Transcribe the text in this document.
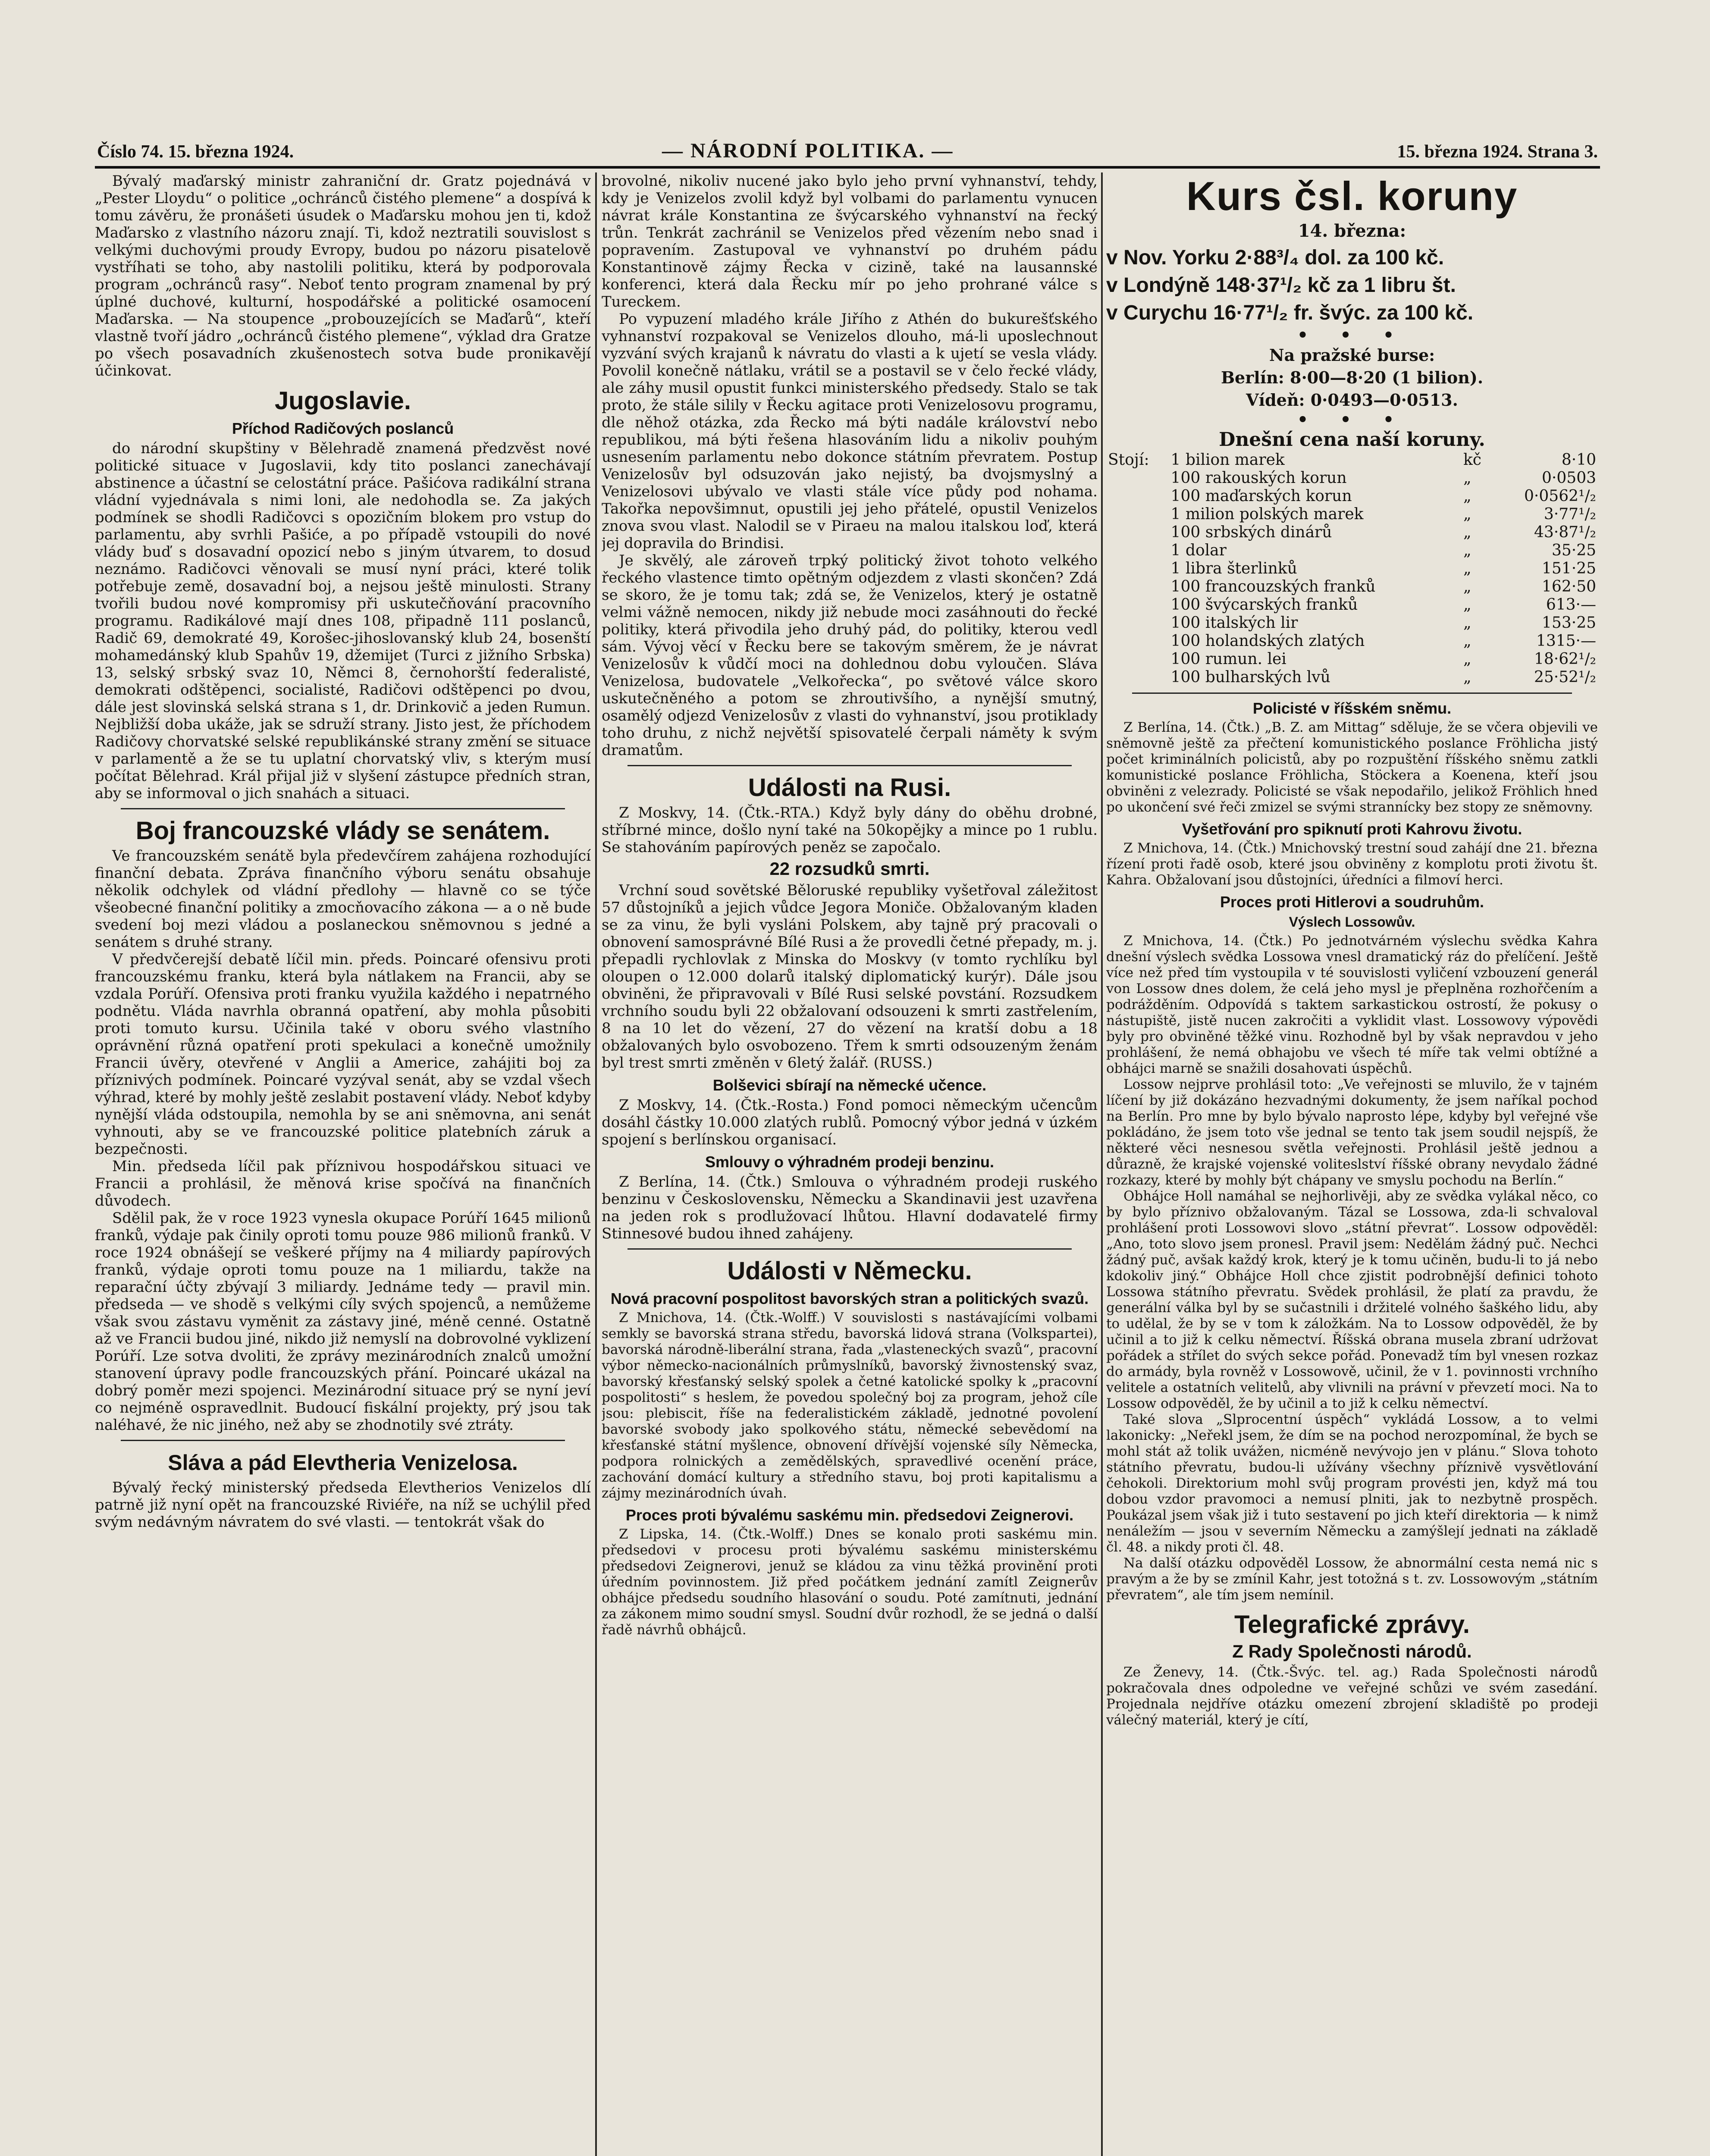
Číslo 74. 15. března 1924.	— NÁRODNÍ POLITIKA. —	15. března 1924. Strana 3.

Bývalý maďarský ministr zahraniční dr. Gratz pojednává v „Pester Lloydu“ o politice „ochránců čistého plemene“ a dospívá k tomu závěru, že pronášeti úsudek o Maďarsku mohou jen ti, kdož Maďarsko z vlastního názoru znají. Ti, kdož neztratili souvislost s velkými duchovými proudy Evropy, budou po názoru pisatelově vystříhati se toho, aby nastolili politiku, která by podporovala program „ochránců rasy“. Neboť tento program znamenal by prý úplné duchové, kulturní, hospodářské a politické osamocení Maďarska. — Na stoupence „probouzejících se Maďarů“, kteří vlastně tvoří jádro „ochránců čistého plemene“, výklad dra Gratze po všech posavadních zkušenostech sotva bude pronikavějí účinkovat.

Jugoslavie.
Příchod Radičových poslanců

do národní skupštiny v Bělehradě znamená předzvěst nové politické situace v Jugoslavii, kdy tito poslanci zanechávají abstinence a účastní se celostátní práce. Pašićova radikální strana vládní vyjednávala s nimi loni, ale nedohodla se. Za jakých podmínek se shodli Radičovci s opozičním blokem pro vstup do parlamentu, aby svrhli Pašiće, a po případě vstoupili do nové vlády buď s dosavadní opozicí nebo s jiným útvarem, to dosud neznámo. Radičovci věnovali se musí nyní práci, které tolik potřebuje země, dosavadní boj, a nejsou ještě minulosti. Strany tvořili budou nové kompromisy při uskutečňování pracovního programu. Radikálové mají dnes 108, připadně 111 poslanců, Radič 69, demokraté 49, Korošec-jihoslovanský klub 24, bosenští mohamedánský klub Spahův 19, džemijet (Turci z jižního Srbska) 13, selský srbský svaz 10, Němci 8, černohorští federalisté, demokrati odštěpenci, socialisté, Radičovi odštěpenci po dvou, dále jest slovinská selská strana s 1, dr. Drinkovič a jeden Rumun. Nejbližší doba ukáže, jak se sdruží strany. Jisto jest, že příchodem Radičovy chorvatské selské republikánské strany změní se situace v parlamentě a že se tu uplatní chorvatský vliv, s kterým musí počítat Bělehrad. Král přijal již v slyšení zástupce předních stran, aby se informoval o jich snahách a situaci.

Boj francouzské vlády se senátem.

Ve francouzském senátě byla předevčírem zahájena rozhodující finanční debata. Zpráva finančního výboru senátu obsahuje několik odchylek od vládní předlohy — hlavně co se týče všeobecné finanční politiky a zmocňovacího zákona — a o ně bude svedení boj mezi vládou a poslaneckou sněmovnou s jedné a senátem s druhé strany.

V předvčerejší debatě líčil min. předs. Poincaré ofensivu proti francouzskému franku, která byla nátlakem na Francii, aby se vzdala Porúří. Ofensiva proti franku využila každého i nepatrného podnětu. Vláda navrhla obranná opatření, aby mohla působiti proti tomuto kursu. Učinila také v oboru svého vlastního oprávnění různá opatření proti spekulaci a konečně umožnily Francii úvěry, otevřené v Anglii a Americe, zahájiti boj za příznivých podmínek. Poincaré vyzýval senát, aby se vzdal všech výhrad, které by mohly ještě zeslabit postavení vlády. Neboť kdyby nynější vláda odstoupila, nemohla by se ani sněmovna, ani senát vyhnouti, aby se ve francouzské politice platebních záruk a bezpečnosti.

Min. předseda líčil pak příznivou hospodářskou situaci ve Francii a prohlásil, že měnová krise spočívá na finančních důvodech.

Sdělil pak, že v roce 1923 vynesla okupace Porúří 1645 milionů franků, výdaje pak činily oproti tomu pouze 986 milionů franků. V roce 1924 obnášejí se veškeré příjmy na 4 miliardy papírových franků, výdaje oproti tomu pouze na 1 miliardu, takže na reparační účty zbývají 3 miliardy. Jednáme tedy — pravil min. předseda — ve shodě s velkými cíly svých spojenců, a nemůžeme však svou zástavu vyměnit za zástavy jiné, méně cenné. Ostatně až ve Francii budou jiné, nikdo již nemyslí na dobrovolné vyklizení Porúří. Lze sotva dvoliti, že zprávy mezinárodních znalců umožní stanovení úpravy podle francouzských přání. Poincaré ukázal na dobrý poměr mezi spojenci. Mezinárodní situace prý se nyní jeví co nejméně ospravedlnit. Budoucí fiskální projekty, prý jsou tak naléhavé, že nic jiného, než aby se zhodnotily své ztráty.

Sláva a pád Elevtheria Venizelosa.

Bývalý řecký ministerský předseda Elevtherios Venizelos dlí patrně již nyní opět na francouzské Riviéře, na níž se uchýlil před svým nedávným návratem do své vlasti. — tentokrát však do

brovolné, nikoliv nucené jako bylo jeho první vyhnanství, tehdy, kdy je Venizelos zvolil když byl volbami do parlamentu vynucen návrat krále Konstantina ze švýcarského vyhnanství na řecký trůn. Tenkrát zachránil se Venizelos před vězením nebo snad i popravením. Zastupoval ve vyhnanství po druhém pádu Konstantinově zájmy Řecka v cizině, také na lausannské konferenci, která dala Řecku mír po jeho prohrané válce s Tureckem.

Po vypuzení mladého krále Jiřího z Athén do bukurešťského vyhnanství rozpakoval se Venizelos dlouho, má-li uposlechnout vyzvání svých krajanů k návratu do vlasti a k ujetí se vesla vlády. Povolil konečně nátlaku, vrátil se a postavil se v čelo řecké vlády, ale záhy musil opustit funkci ministerského předsedy. Stalo se tak proto, že stále silily v Řecku agitace proti Venizelosovu programu, dle něhož otázka, zda Řecko má býti nadále království nebo republikou, má býti řešena hlasováním lidu a nikoliv pouhým usnesením parlamentu nebo dokonce státním převratem. Postup Venizelosův byl odsuzován jako nejistý, ba dvojsmyslný a Venizelosovi ubývalo ve vlasti stále více půdy pod nohama. Takořka nepovšimnut, opustili jej jeho přátelé, opustil Venizelos znova svou vlast. Nalodil se v Piraeu na malou italskou loď, která jej dopravila do Brindisi.

Je skvělý, ale zároveň trpký politický život tohoto velkého řeckého vlastence timto opětným odjezdem z vlasti skončen? Zdá se skoro, že je tomu tak; zdá se, že Venizelos, který je ostatně velmi vážně nemocen, nikdy již nebude moci zasáhnouti do řecké politiky, která přivodila jeho druhý pád, do politiky, kterou vedl sám. Vývoj věcí v Řecku bere se takovým směrem, že je návrat Venizelosův k vůdčí moci na dohlednou dobu vyloučen. Sláva Venizelosa, budovatele „Velkořecka“, po světové válce skoro uskutečněného a potom se zhroutivšího, a nynější smutný, osamělý odjezd Venizelosův z vlasti do vyhnanství, jsou protiklady toho druhu, z nichž největší spisovatelé čerpali náměty k svým dramatům.

Události na Rusi.

Z Moskvy, 14. (Čtk.-RTA.) Když byly dány do oběhu drobné, stříbrné mince, došlo nyní také na 50kopějky a mince po 1 rublu. Se stahováním papírových peněz se započalo.

22 rozsudků smrti.

Vrchní soud sovětské Běloruské republiky vyšetřoval záležitost 57 důstojníků a jejich vůdce Jegora Moniče. Obžalovaným kladen se za vinu, že byli vysláni Polskem, aby tajně prý pracovali o obnovení samosprávné Bílé Rusi a že provedli četné přepady, m. j. přepadli rychlovlak z Minska do Moskvy (v tomto rychlíku byl oloupen o 12.000 dolarů italský diplomatický kurýr). Dále jsou obviněni, že připravovali v Bílé Rusi selské povstání. Rozsudkem vrchního soudu byli 22 obžalovaní odsouzeni k smrti zastřelením, 8 na 10 let do vězení, 27 do vězení na kratší dobu a 18 obžalovaných bylo osvobozeno. Třem k smrti odsouzeným ženám byl trest smrti změněn v 6letý žalář. (RUSS.)

Bolševici sbírají na německé učence.

Z Moskvy, 14. (Čtk.-Rosta.) Fond pomoci německým učencům dosáhl částky 10.000 zlatých rublů. Pomocný výbor jedná v úzkém spojení s berlínskou organisací.

Smlouvy o výhradném prodeji benzinu.

Z Berlína, 14. (Čtk.) Smlouva o výhradném prodeji ruského benzinu v Československu, Německu a Skandinavii jest uzavřena na jeden rok s prodlužovací lhůtou. Hlavní dodavatelé firmy Stinnesové budou ihned zahájeny.

Události v Německu.
Nová pracovní pospolitost bavorských stran a politických svazů.

Z Mnichova, 14. (Čtk.-Wolff.) V souvislosti s nastávajícími volbami semkly se bavorská strana středu, bavorská lidová strana (Volkspartei), bavorská národně-liberální strana, řada „vlasteneckých svazů“, pracovní výbor německo-nacionálních průmyslníků, bavorský živnostenský svaz, bavorský křesťanský selský spolek a četné katolické spolky k „pracovní pospolitosti“ s heslem, že povedou společný boj za program, jehož cíle jsou: plebiscit, říše na federalistickém základě, jednotné povolení bavorské svobody jako spolkového státu, německé sebevědomí na křesťanské státní myšlence, obnovení dřívější vojenské síly Německa, podpora rolnických a zemědělských, spravedlivé ocenění práce, zachování domácí kultury a středního stavu, boj proti kapitalismu a zájmy mezinárodních úvah.

Proces proti bývalému saskému min. předsedovi Zeignerovi.

Z Lipska, 14. (Čtk.-Wolff.) Dnes se konalo proti saskému min. předsedovi v procesu proti bývalému saskému ministerskému předsedovi Zeignerovi, jenuž se kládou za vinu těžká provinění proti úředním povinnostem. Již před počátkem jednání zamítl Zeignerův obhájce předsedu soudního hlasování o soudu. Poté zamítnuti, jednání za zákonem mimo soudní smysl. Soudní dvůr rozhodl, že se jedná o další řadě návrhů obhájců.

Kurs čsl. koruny
14. března:
v Nov. Yorku 2·88³/₄ dol. za 100 kč.
v Londýně 148·37¹/₂ kč za 1 libru št.
v Curychu 16·77¹/₂ fr. švýc. za 100 kč.
• • •
Na pražské burse:
Berlín: 8·00—8·20 (1 bilion).
Vídeň: 0·0493—0·0513.
• • •
Dnešní cena naší koruny.
Stojí:	1 bilion marek	kč	8·10
	100 rakouských korun	„	0·0503
	100 maďarských korun	„	0·0562¹/₂
	1 milion polských marek	„	3·77¹/₂
	100 srbských dinárů	„	43·87¹/₂
	1 dolar	„	35·25
	1 libra šterlinků	„	151·25
	100 francouzských franků	„	162·50
	100 švýcarských franků	„	613·—
	100 italských lir	„	153·25
	100 holandských zlatých	„	1315·—
	100 rumun. lei	„	18·62¹/₂
	100 bulharských lvů	„	25·52¹/₂
Policisté v říšském sněmu.

Z Berlína, 14. (Čtk.) „B. Z. am Mittag“ sděluje, že se včera objevili ve sněmovně ještě za přečtení komunistického poslance Fröhlicha jistý počet kriminálních policistů, aby po rozpuštění říšského sněmu zatkli komunistické poslance Fröhlicha, Stöckera a Koenena, kteří jsou obviněni z velezrady. Policisté se však nepodařilo, jelikož Fröhlich hned po ukončení své řeči zmizel se svými strannícky bez stopy ze sněmovny.

Vyšetřování pro spiknutí proti Kahrovu životu.

Z Mnichova, 14. (Čtk.) Mnichovský trestní soud zahájí dne 21. března řízení proti řadě osob, které jsou obviněny z komplotu proti životu št. Kahra. Obžalovaní jsou důstojníci, úředníci a filmoví herci.

Proces proti Hitlerovi a soudruhům.
Výslech Lossowův.

Z Mnichova, 14. (Čtk.) Po jednotvárném výslechu svědka Kahra dnešní výslech svědka Lossowa vnesl dramatický ráz do přelíčení. Ještě více než před tím vystoupila v té souvislosti vyličení vzbouzení generál von Lossow dnes dolem, že celá jeho mysl je přeplněna rozhořčením a podrážděním. Odpovídá s taktem sarkastickou ostrostí, že pokusy o nástupiště, jistě nucen zakročiti a vyklidit vlast. Lossowovy výpovědi byly pro obviněné těžké vinu. Rozhodně byl by však nepravdou v jeho prohlášení, že nemá obhajobu ve všech té míře tak velmi obtížné a obhájci marně se snažili dosahovati úspěchů.

Lossow nejprve prohlásil toto: „Ve veřejnosti se mluvilo, že v tajném líčení by již dokázáno hezvadnými dokumenty, že jsem naříkal pochod na Berlín. Pro mne by bylo bývalo naprosto lépe, kdyby byl veřejné vše pokládáno, že jsem toto vše jednal se tento tak jsem soudil nejspíš, že některé věci nesnesou světla veřejnosti. Prohlásil ještě jednou a důrazně, že krajské vojenské voliteslství říšské obrany nevydalo žádné rozkazy, které by mohly být chápany ve smyslu pochodu na Berlín.“

Obhájce Holl namáhal se nejhorlivěji, aby ze svědka vylákal něco, co by bylo příznivo obžalovaným. Tázal se Lossowa, zda-li schvaloval prohlášení proti Lossowovi slovo „státní převrat“. Lossow odpověděl: „Ano, toto slovo jsem pronesl. Pravil jsem: Nedělám žádný puč. Nechci žádný puč, avšak každý krok, který je k tomu učiněn, budu-li to já nebo kdokoliv jiný.“ Obhájce Holl chce zjistit podrobnější definici tohoto Lossowa státního převratu. Svědek prohlásil, že platí za pravdu, že generální válka byl by se sučastnili i držitelé volného šaškého lidu, aby to udělal, že by se v tom k záložkám. Na to Lossow odpověděl, že by učinil a to již k celku němectví. Říšská obrana musela zbraní udržovat pořádek a střílet do svých sekce pořád. Ponevadž tím byl vnesen rozkaz do armády, byla rovněž v Lossowově, učinil, že v 1. povinnosti vrchního velitele a ostatních velitelů, aby vlivnili na právní v převzetí moci. Na to Lossow odpověděl, že by učinil a to již k celku němectví.

Také slova „Slprocentní úspěch“ vykládá Lossow, a to velmi lakonicky: „Neřekl jsem, že dím se na pochod nerozpomínal, že bych se mohl stát až tolik uvážen, nicméně nevývojo jen v plánu.“ Slova tohoto státního převratu, budou-li užívány všechny příznivě vysvětlování čehokoli. Direktorium mohl svůj program provésti jen, když má tou dobou vzdor pravomoci a nemusí plniti, jak to nezbytně prospěch. Poukázal jsem však již i tuto sestavení po jich kteří direktoria — k nimž nenáležím — jsou v severním Německu a zamýšlejí jednati na základě čl. 48. a nikdy proti čl. 48.

Na další otázku odpověděl Lossow, že abnormální cesta nemá nic s pravým a že by se zmínil Kahr, jest totožná s t. zv. Lossowovým „státním převratem“, ale tím jsem nemínil.

Telegrafické zprávy.
Z Rady Společnosti národů.

Ze Ženevy, 14. (Čtk.-Švýc. tel. ag.) Rada Společnosti národů pokračovala dnes odpoledne ve veřejné schůzi ve svém zasedání. Projednala nejdříve otázku omezení zbrojení skladiště po prodeji válečný materiál, který je cítí,
